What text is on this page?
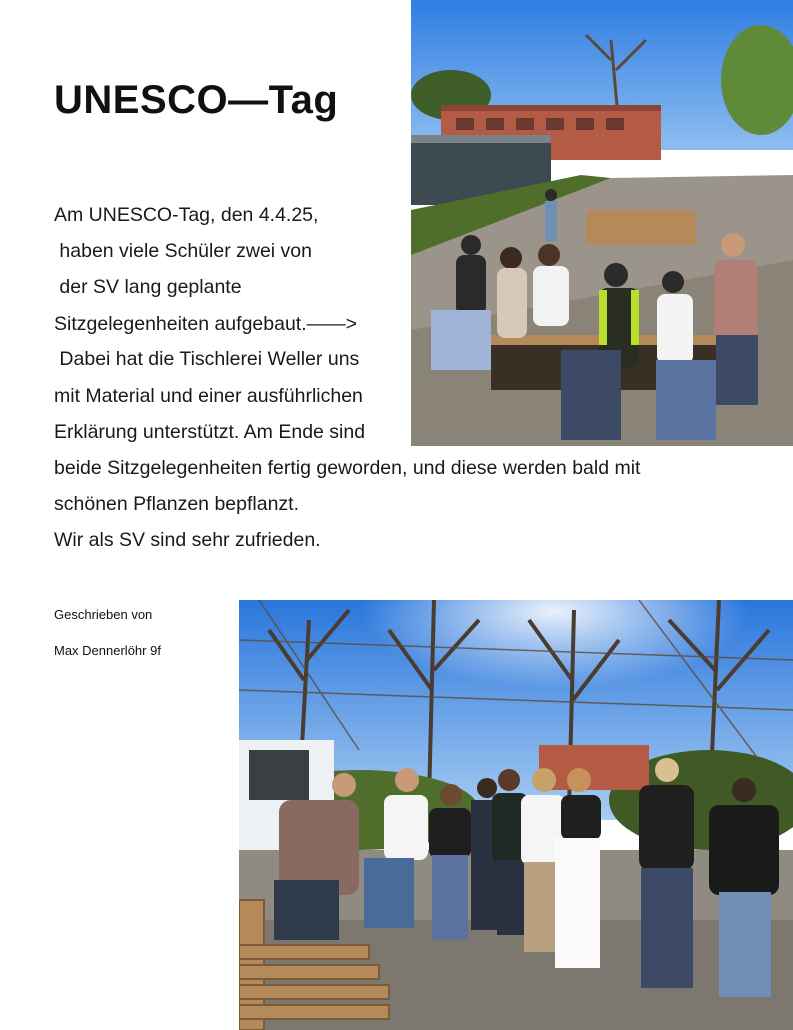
UNESCO—Tag

Am UNESCO-Tag, den 4.4.25,

haben viele Schüler zwei von

der SV lang geplante

Sitzgelegenheiten aufgebaut.——>

Dabei hat die Tischlerei Weller uns

mit Material und einer ausführlichen

Erklärung unterstützt. Am Ende sind

beide Sitzgelegenheiten fertig geworden, und diese werden bald mit

schönen Pflanzen bepflanzt.

Wir als SV sind sehr zufrieden.

Geschrieben von

Max Dennerlöhr 9f
